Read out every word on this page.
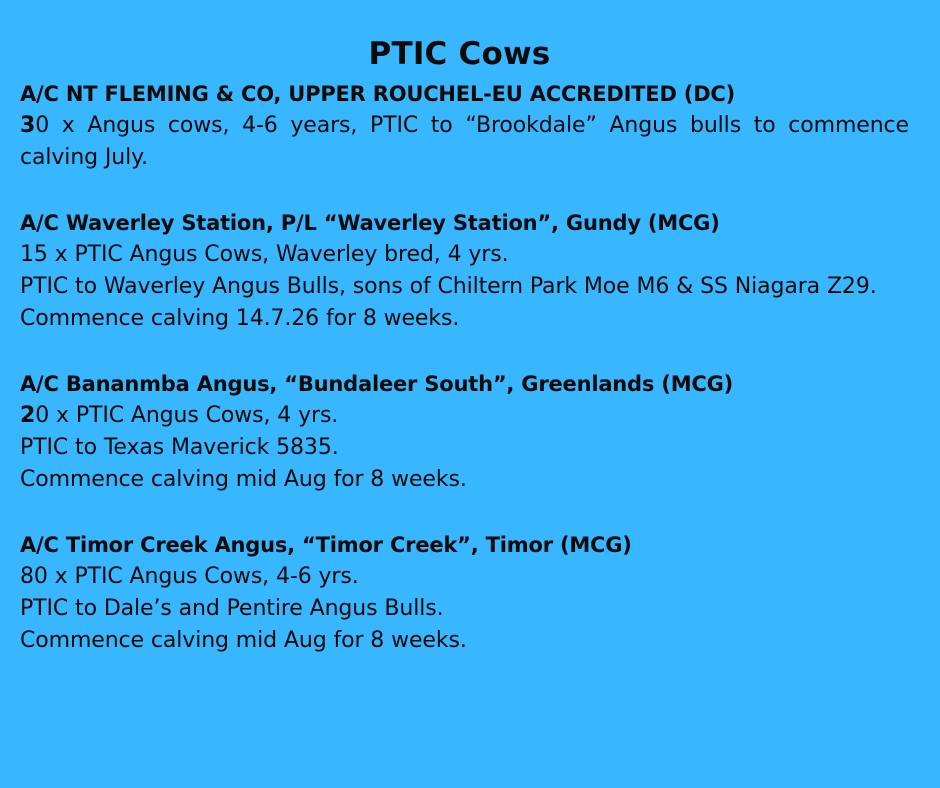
PTIC Cows
A/C NT FLEMING & CO, UPPER ROUCHEL-EU ACCREDITED (DC)
30 x Angus cows, 4-6 years, PTIC to “Brookdale” Angus bulls to commence calving July.
A/C Waverley Station, P/L “Waverley Station”, Gundy (MCG)
15 x PTIC Angus Cows, Waverley bred, 4 yrs.
PTIC to Waverley Angus Bulls, sons of Chiltern Park Moe M6 & SS Niagara Z29.
Commence calving 14.7.26 for 8 weeks.
A/C Bananmba Angus, “Bundaleer South”, Greenlands (MCG)
20 x PTIC Angus Cows, 4 yrs.
PTIC to Texas Maverick 5835.
Commence calving mid Aug for 8 weeks.
A/C Timor Creek Angus, “Timor Creek”, Timor (MCG)
80 x PTIC Angus Cows, 4-6 yrs.
PTIC to Dale’s and Pentire Angus Bulls.
Commence calving mid Aug for 8 weeks.
